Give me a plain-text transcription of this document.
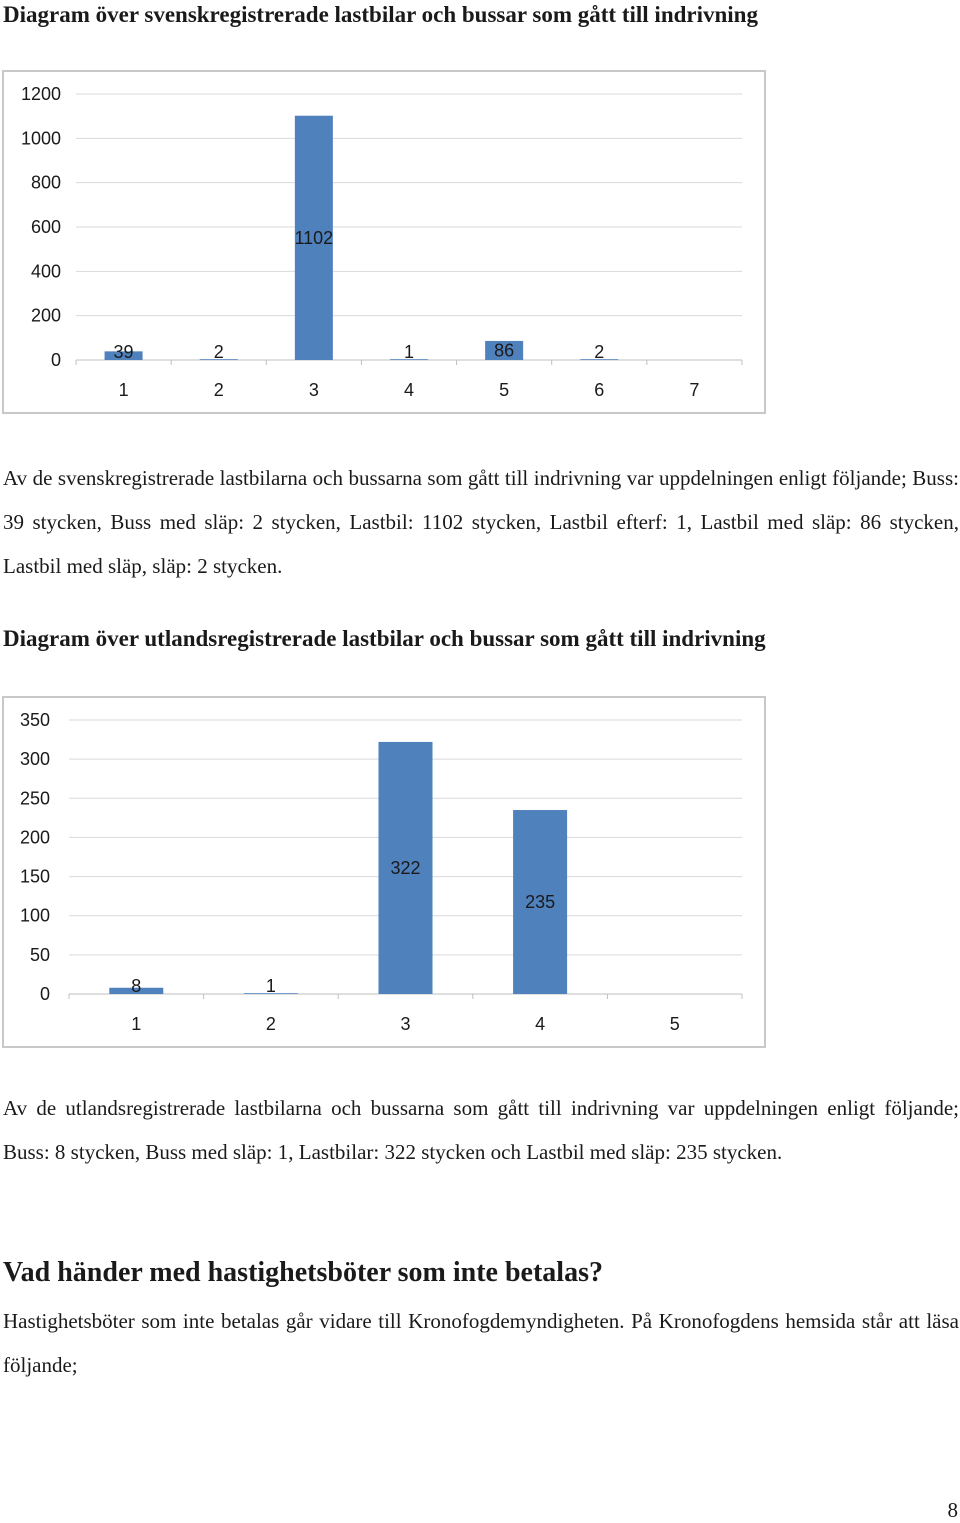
Diagram över svenskregistrerade lastbilar och bussar som gått till indrivning
0
200
400
600
800
1000
1200
39
1
2
2
1102
3
1
4
86
5
2
6	7

Av de svenskregistrerade lastbilarna och bussarna som gått till indrivning var uppdelningen enligt följande; Buss: 39 stycken, Buss med släp: 2 stycken, Lastbil: 1102 stycken, Lastbil efterf: 1, Lastbil med släp: 86 stycken, Lastbil med släp, släp: 2 stycken.

Diagram över utlandsregistrerade lastbilar och bussar som gått till indrivning
0
50
100
150
200
250
300
350
8
1
1
2
322
3
235
4	5

Av de utlandsregistrerade lastbilarna och bussarna som gått till indrivning var uppdelningen enligt följande; Buss: 8 stycken, Buss med släp: 1, Lastbilar: 322 stycken och Lastbil med släp: 235 stycken.

Vad händer med hastighetsböter som inte betalas?

Hastighetsböter som inte betalas går vidare till Kronofogdemyndigheten. På Kronofogdens hemsida står att läsa följande;

8
